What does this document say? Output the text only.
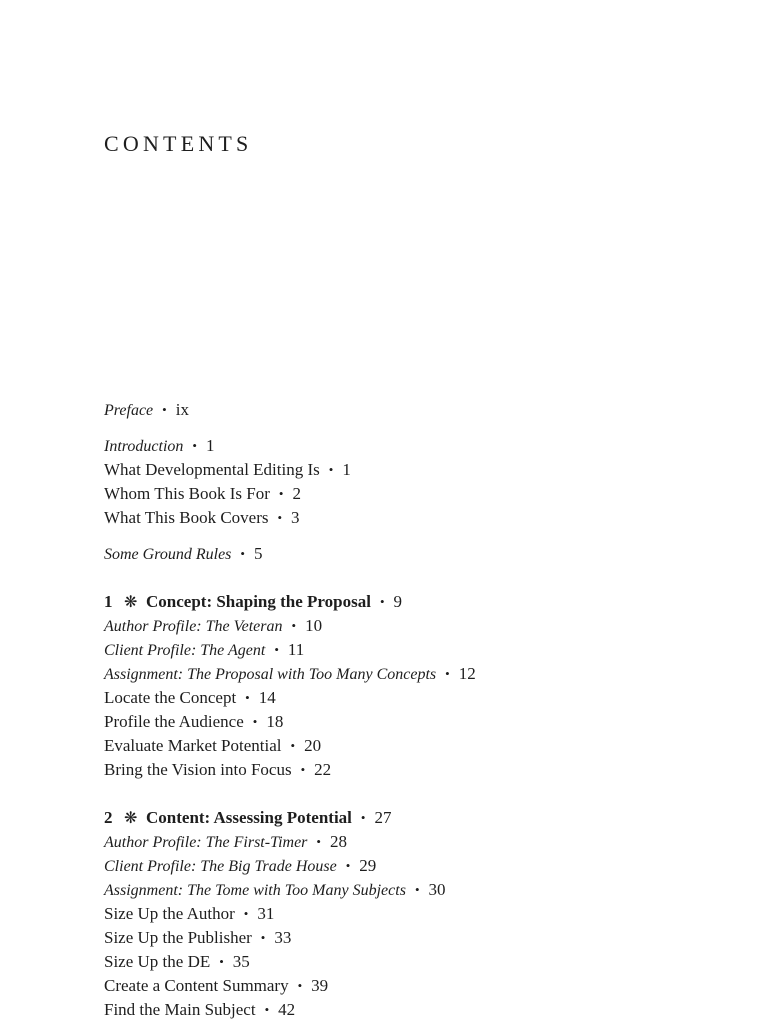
CONTENTS
Preface • ix
Introduction • 1
What Developmental Editing Is • 1
Whom This Book Is For • 2
What This Book Covers • 3
Some Ground Rules • 5
1 ❋ Concept: Shaping the Proposal • 9
Author Profile: The Veteran • 10
Client Profile: The Agent • 11
Assignment: The Proposal with Too Many Concepts • 12
Locate the Concept • 14
Profile the Audience • 18
Evaluate Market Potential • 20
Bring the Vision into Focus • 22
2 ❋ Content: Assessing Potential • 27
Author Profile: The First-Timer • 28
Client Profile: The Big Trade House • 29
Assignment: The Tome with Too Many Subjects • 30
Size Up the Author • 31
Size Up the Publisher • 33
Size Up the DE • 35
Create a Content Summary • 39
Find the Main Subject • 42
